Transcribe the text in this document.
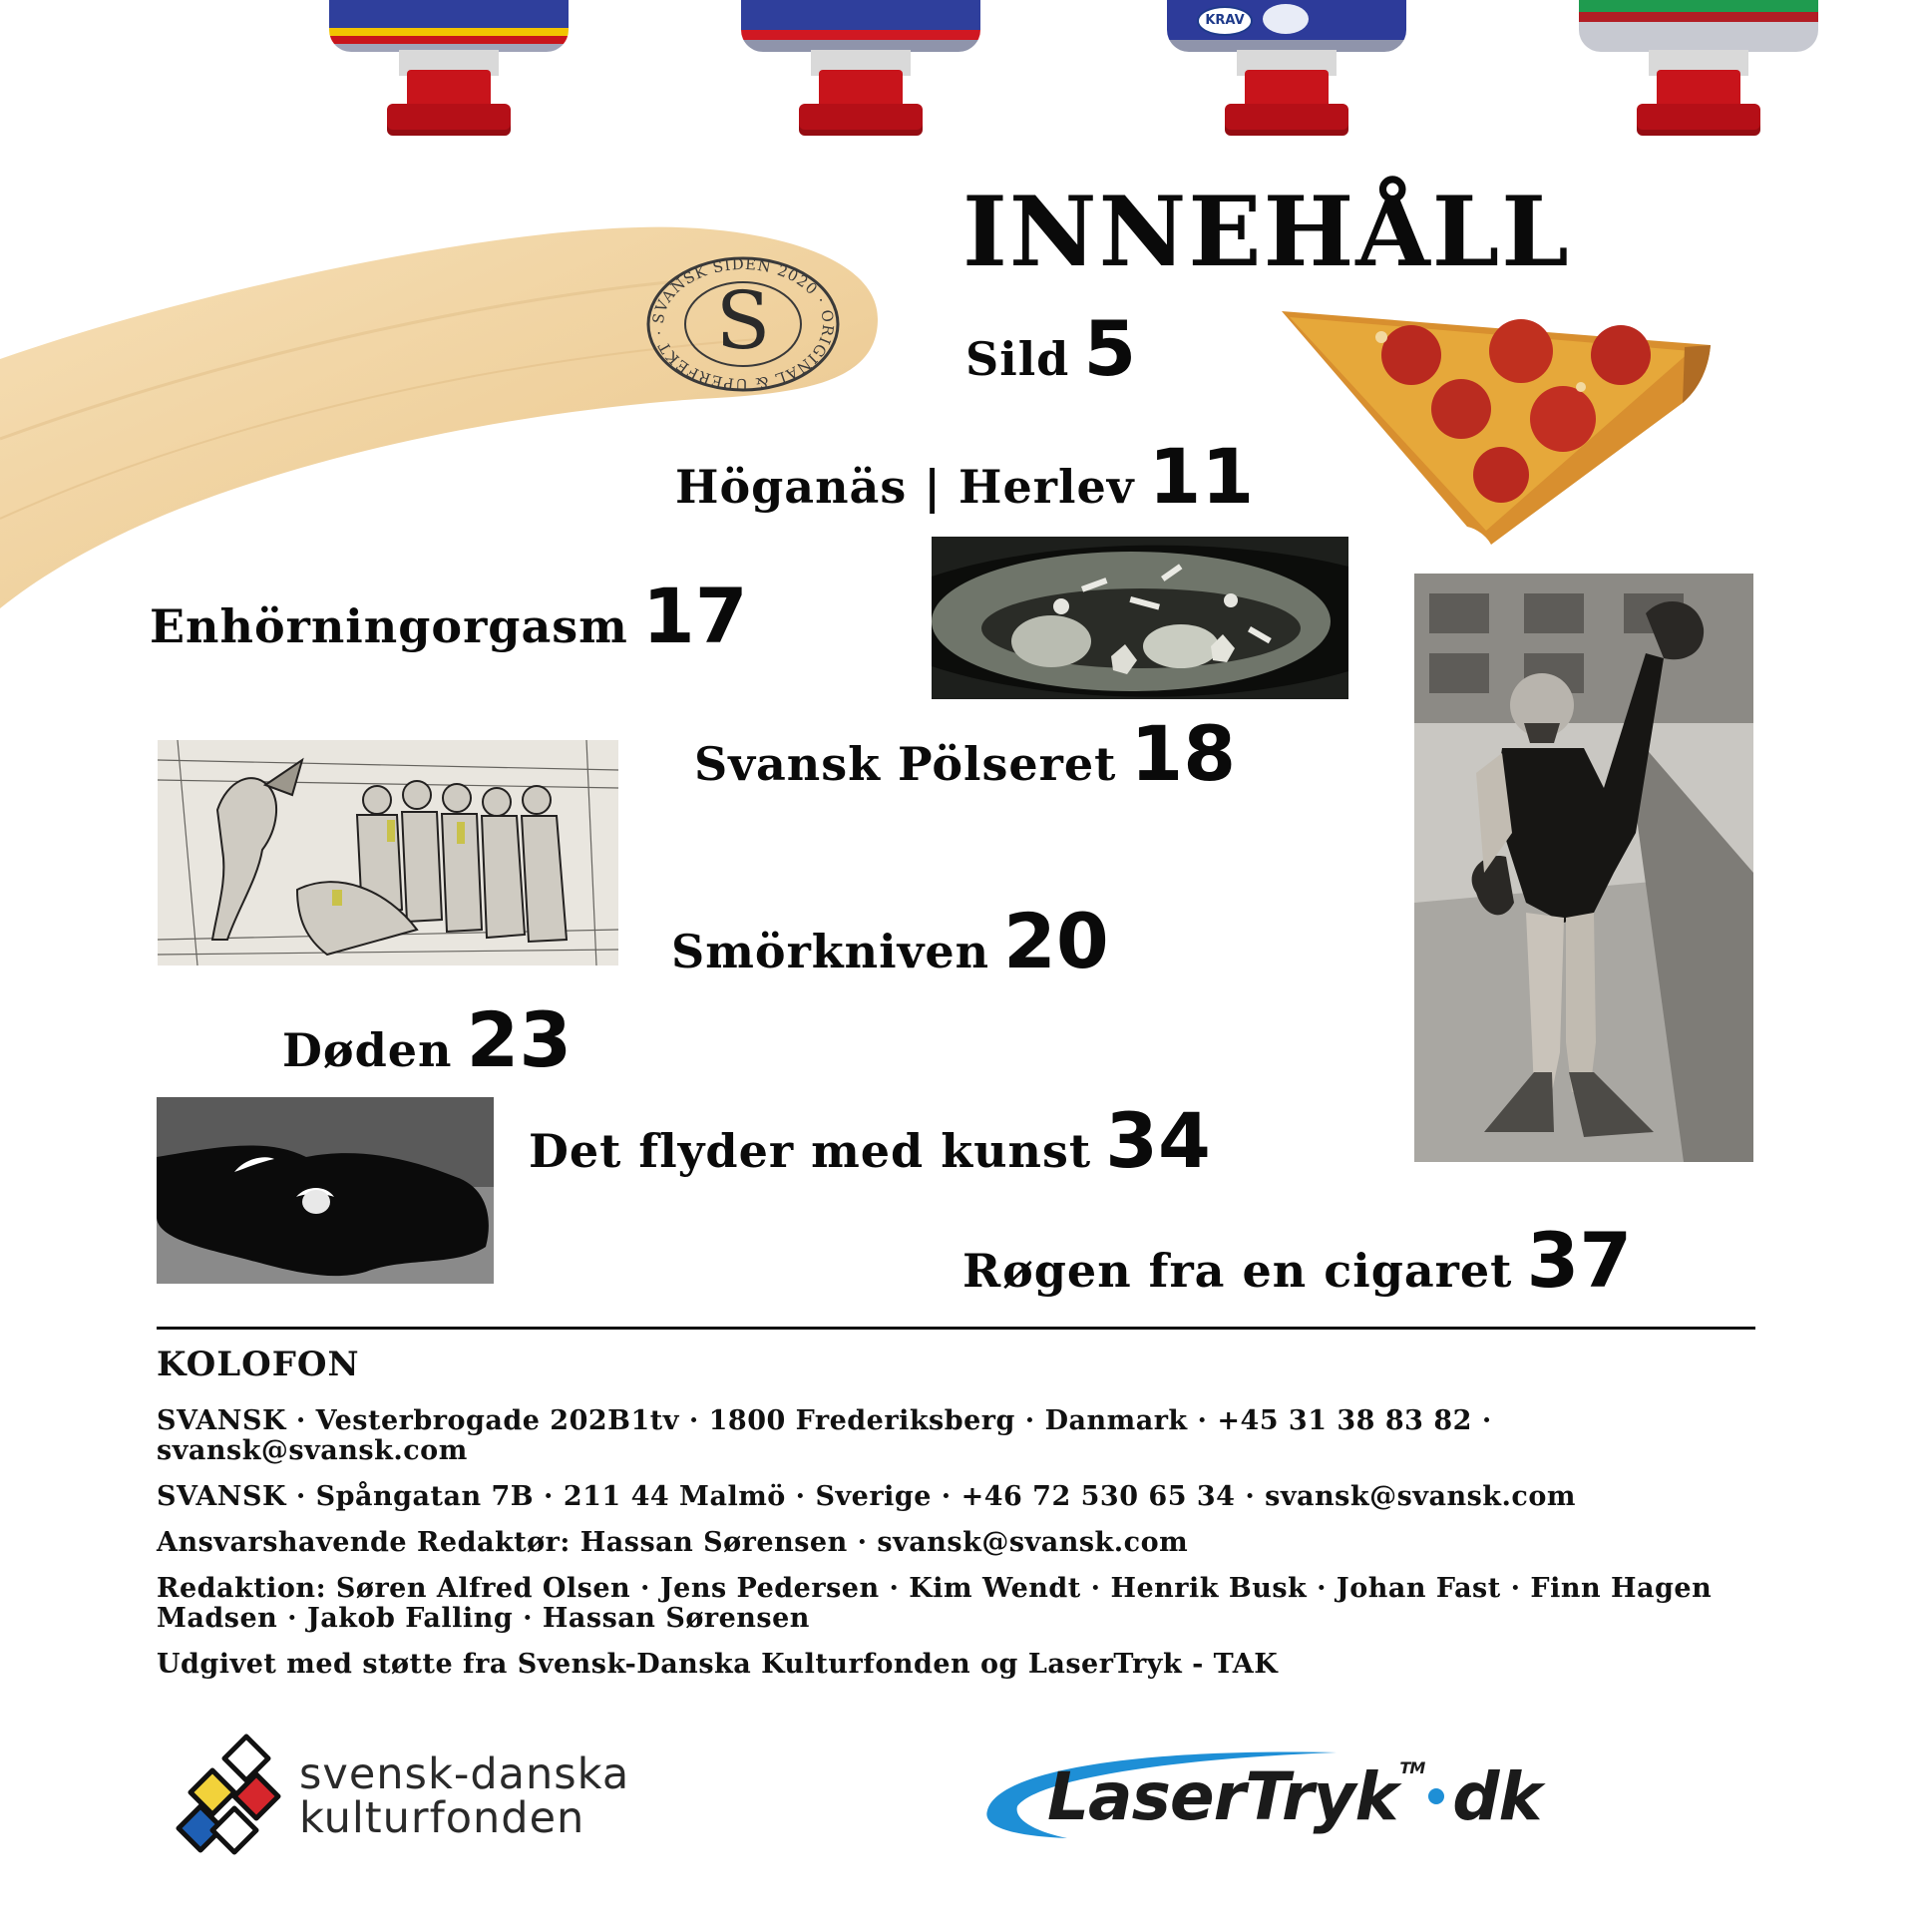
KRAV
SVANSK SIDEN 2020 · ORIGINAL & UPERFEKT · S
INNEHÅLL
Sild 5
Höganäs | Herlev 11
Enhörningorgasm 17
Svansk Pölseret 18
Smörkniven 20
Døden 23
Det flyder med kunst 34
Røgen fra en cigaret 37
KOLOFON

SVANSK · Vesterbrogade 202B1tv · 1800 Frederiksberg · Danmark · +45 31 38 83 82 · svansk@svansk.com

SVANSK · Spångatan 7B · 211 44 Malmö · Sverige · +46 72 530 65 34 · svansk@svansk.com

Ansvarshavende Redaktør: Hassan Sørensen · svansk@svansk.com

Redaktion: Søren Alfred Olsen · Jens Pedersen · Kim Wendt · Henrik Busk · Johan Fast · Finn Hagen Madsen · Jakob Falling · Hassan Sørensen

Udgivet med støtte fra Svensk-Danska Kulturfonden og LaserTryk - TAK

svensk-danska
kulturfonden	LaserTryk ™ dk
